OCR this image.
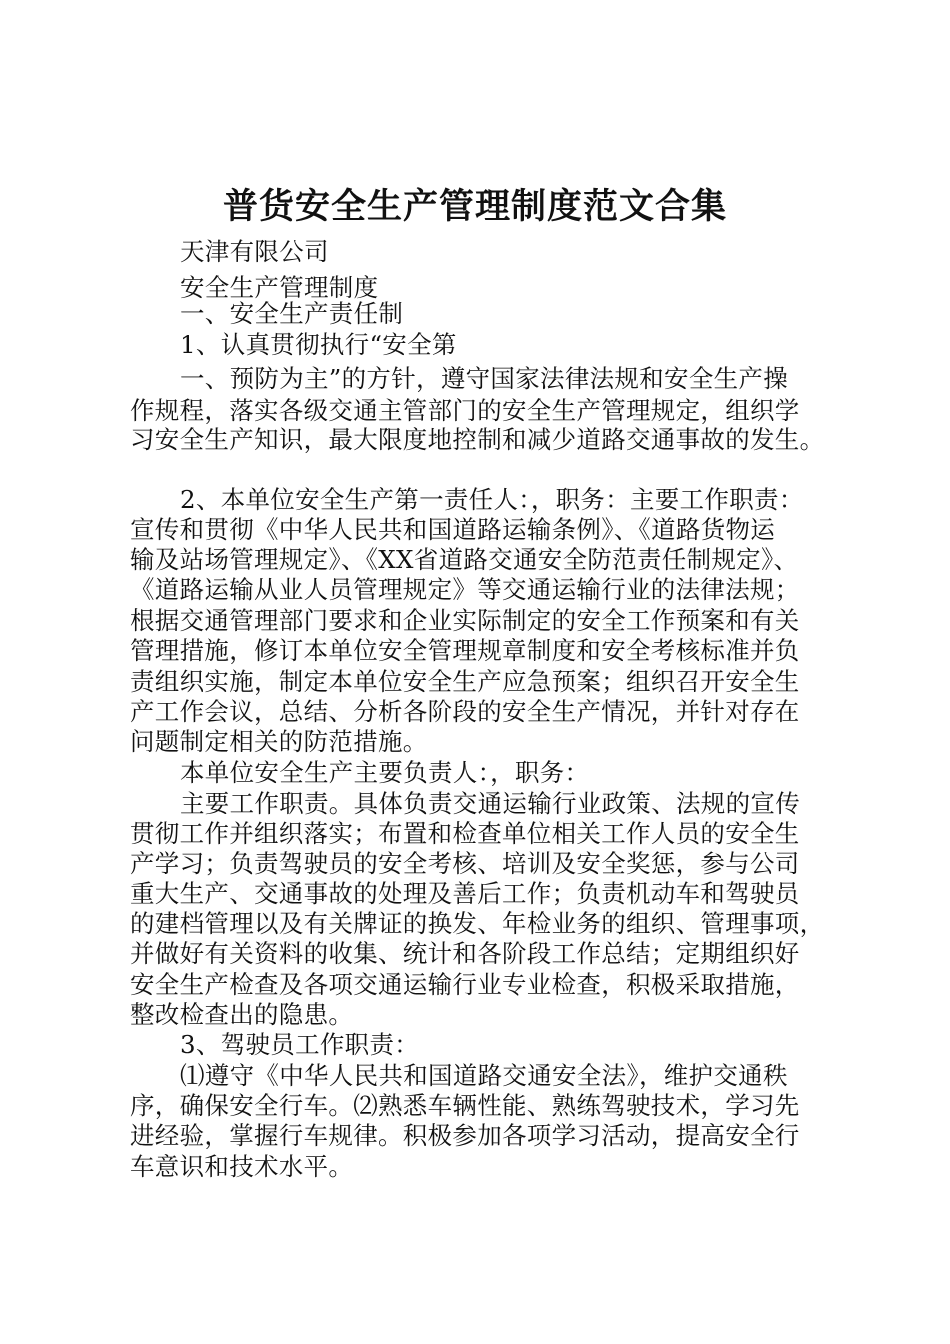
普货安全生产管理制度范文合集
天津有限公司
安全生产管理制度
一、安全生产责任制
1、认真贯彻执行“安全第
一、预防为主”的方针，遵守国家法律法规和安全生产操
作规程，落实各级交通主管部门的安全生产管理规定，组织学
习安全生产知识，最大限度地控制和减少道路交通事故的发生。
2、本单位安全生产第一责任人：，职务：主要工作职责：
宣传和贯彻《中华人民共和国道路运输条例》、《道路货物运
输及站场管理规定》、《XX省道路交通安全防范责任制规定》、
《道路运输从业人员管理规定》等交通运输行业的法律法规；
根据交通管理部门要求和企业实际制定的安全工作预案和有关
管理措施，修订本单位安全管理规章制度和安全考核标准并负
责组织实施，制定本单位安全生产应急预案；组织召开安全生
产工作会议，总结、分析各阶段的安全生产情况，并针对存在
问题制定相关的防范措施。
本单位安全生产主要负责人：，职务：
主要工作职责。具体负责交通运输行业政策、法规的宣传
贯彻工作并组织落实；布置和检查单位相关工作人员的安全生
产学习；负责驾驶员的安全考核、培训及安全奖惩，参与公司
重大生产、交通事故的处理及善后工作；负责机动车和驾驶员
的建档管理以及有关牌证的换发、年检业务的组织、管理事项，
并做好有关资料的收集、统计和各阶段工作总结；定期组织好
安全生产检查及各项交通运输行业专业检查，积极采取措施，
整改检查出的隐患。
3、驾驶员工作职责：
⑴遵守《中华人民共和国道路交通安全法》，维护交通秩
序，确保安全行车。⑵熟悉车辆性能、熟练驾驶技术，学习先
进经验，掌握行车规律。积极参加各项学习活动，提高安全行
车意识和技术水平。
